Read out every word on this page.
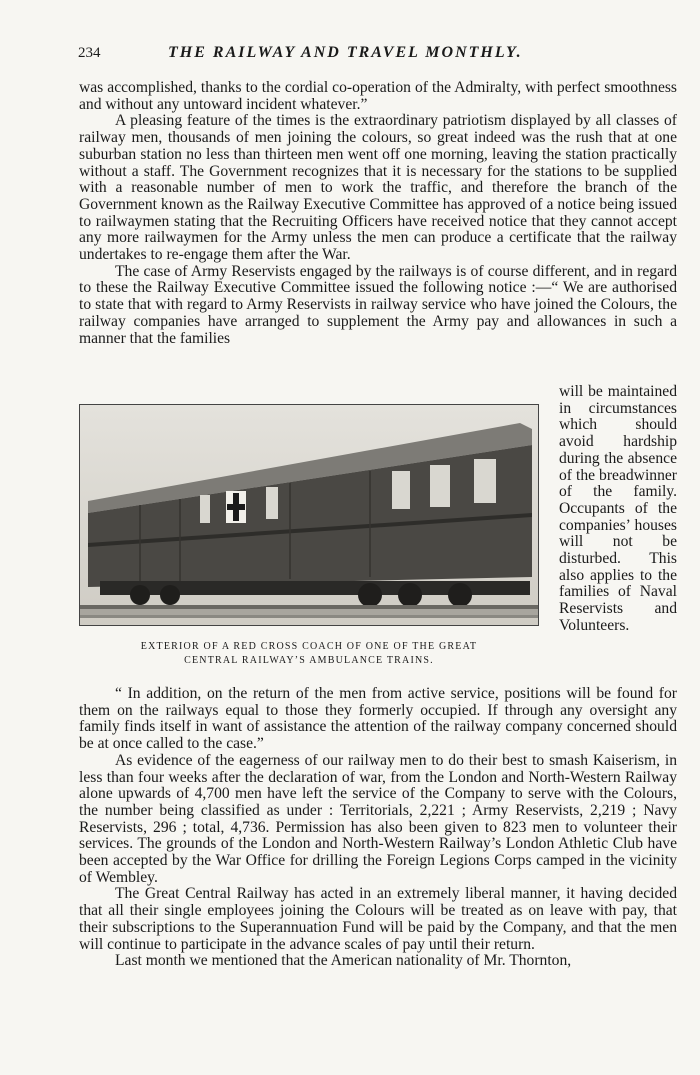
234	THE RAILWAY AND TRAVEL MONTHLY.

was accomplished, thanks to the cordial co-operation of the Admiralty, with perfect smoothness and without any untoward incident whatever.”

A pleasing feature of the times is the extraordinary patriotism displayed by all classes of railway men, thousands of men joining the colours, so great indeed was the rush that at one suburban station no less than thirteen men went off one morning, leaving the station practically without a staff. The Government recognizes that it is necessary for the stations to be supplied with a reasonable number of men to work the traffic, and therefore the branch of the Government known as the Railway Executive Committee has approved of a notice being issued to railwaymen stating that the Recruiting Officers have received notice that they cannot accept any more railwaymen for the Army unless the men can produce a certificate that the railway undertakes to re-engage them after the War.

The case of Army Reservists engaged by the railways is of course different, and in regard to these the Railway Executive Committee issued the following notice :—“ We are authorised to state that with regard to Army Reservists in railway service who have joined the Colours, the railway companies have arranged to supplement the Army pay and allowances in such a manner that the families

EXTERIOR OF A RED CROSS COACH OF ONE OF THE GREAT
CENTRAL RAILWAY’S AMBULANCE TRAINS.
will be maintained in circumstances which should avoid hardship during the absence of the breadwinner of the family. Occupants of the companies’ houses will not be disturbed. This also applies to the families of Naval Reservists and Volunteers.

“ In addition, on the return of the men from active service, positions will be found for them on the railways equal to those they formerly occupied. If through any oversight any family finds itself in want of assistance the attention of the railway company concerned should be at once called to the case.”

As evidence of the eagerness of our railway men to do their best to smash Kaiserism, in less than four weeks after the declaration of war, from the London and North-Western Railway alone upwards of 4,700 men have left the service of the Company to serve with the Colours, the number being classified as under : Territorials, 2,221 ; Army Reservists, 2,219 ; Navy Reservists, 296 ; total, 4,736. Permission has also been given to 823 men to volunteer their services. The grounds of the London and North-Western Railway’s London Athletic Club have been accepted by the War Office for drilling the Foreign Legions Corps camped in the vicinity of Wembley.

The Great Central Railway has acted in an extremely liberal manner, it having decided that all their single employees joining the Colours will be treated as on leave with pay, that their subscriptions to the Superannuation Fund will be paid by the Company, and that the men will continue to participate in the advance scales of pay until their return.

Last month we mentioned that the American nationality of Mr. Thornton,
